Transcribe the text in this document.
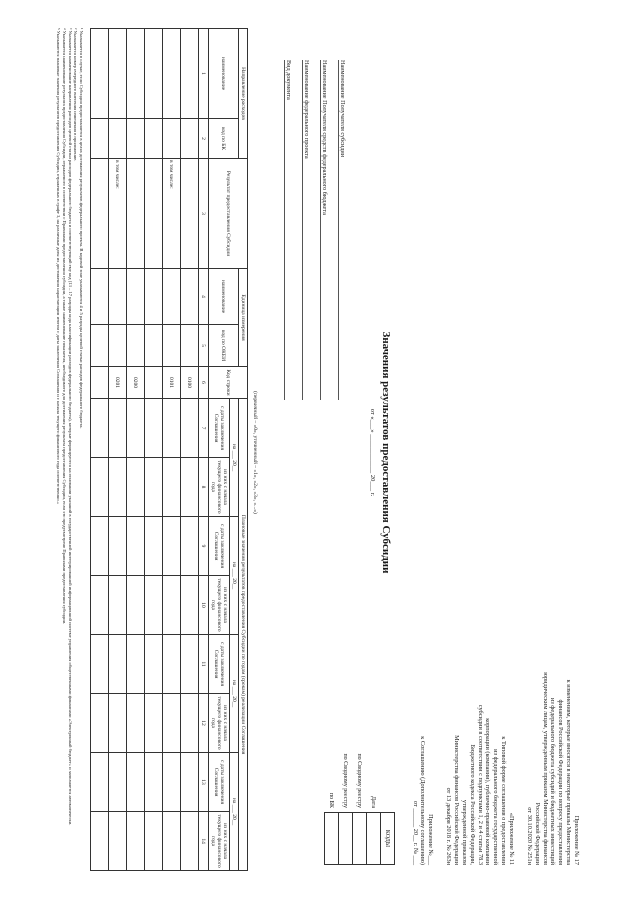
Приложение № 17

к изменениям, которые вносятся в некоторые приказы Министерства

финансов Российской Федерации по вопросу предоставления

из федерального бюджета субсидий и бюджетных инвестиций

юридическим лицам, утвержденным приказом Министерства финансов

Российской Федерации

от 30.10.2020 № 251н

«Приложение № 11

к Типовой форме соглашения о предоставлении

из федерального бюджета государственной

корпорации (компании), публично-правовой компании

субсидии в соответствии с подпунктами 1, 2 и 4 статьи 78.3

Бюджетного кодекса Российской Федерации,

утвержденной приказом

Министерства финансов Российской Федерации

от 13 декабря 2018 г. № 263н

Приложение №___

к Соглашению (Дополнительному соглашению)

от ______ 20__ г. № ___

Значения результатов предоставления Субсидии
от «___» ____________ 20___ г.
Наименование Получателя субсидии
Наименование Получателя средств федерального бюджета
Наименование федерального проекта
Вид документа
	КОДЫ
Дата	
по Сводному реестру	
по Сводному реестру	
по БК	
(первичный – «0», уточненный – «1», «2», «3», «...»)
Направление расходов		Результат предоставления Субсидии	Единица измерения		Код строки	Плановые значения результатов предоставления Субсидии по годам (срокам) реализации Соглашения							
наименование	код по БК		наименование	код по ОКЕИ		на ___ 20__		на ___ 20__		на ___ 20__		на ___ 20__	
						с даты заключения Соглашения	из них с начала текущего финансового года	с даты заключения Соглашения	из них с начала текущего финансового года	с даты заключения Соглашения	из них с начала текущего финансового года	с даты заключения Соглашения	из них с начала текущего финансового года
1	2	3	4	5	6	7	8	9	10	11	12	13	14
					0100								
		в том числе:			0101								

					0200								
		в том числе:			0201								

¹ Указывается в случае, если Субсидия предоставляется в целях достижения результатов федерального проекта. В кодовой зоне указываются 4 и 5 разряды целевой статьи расходов федерального бюджета.

² Указывается номер очередного внесения изменения в приложение.

³ Указывается наименование направления расходов целевой статьи расходов федерального бюджета и соответствующий ему код (13 – 17 разряды кода классификации расходов федерального бюджета), которые формируются на основании указаний в государственной интегрированной информационной системе управления общественными финансами «Электронный бюджет» и заполняется автоматически.

⁴ Указывается наименование результата предоставления Субсидии, отражаемого в соответствии с Правилами предоставления субсидии, а также наименование показателя, необходимого для достижения результата предоставления Субсидии, если это предусмотрено Правилами предоставления субсидии.

⁵ Указываются плановые значения результатов предоставления Субсидии, отраженных в графе 3, на различные даты их достижения нарастающим итогом с даты заключения Соглашения и с начала текущего финансового года соответственно.»
